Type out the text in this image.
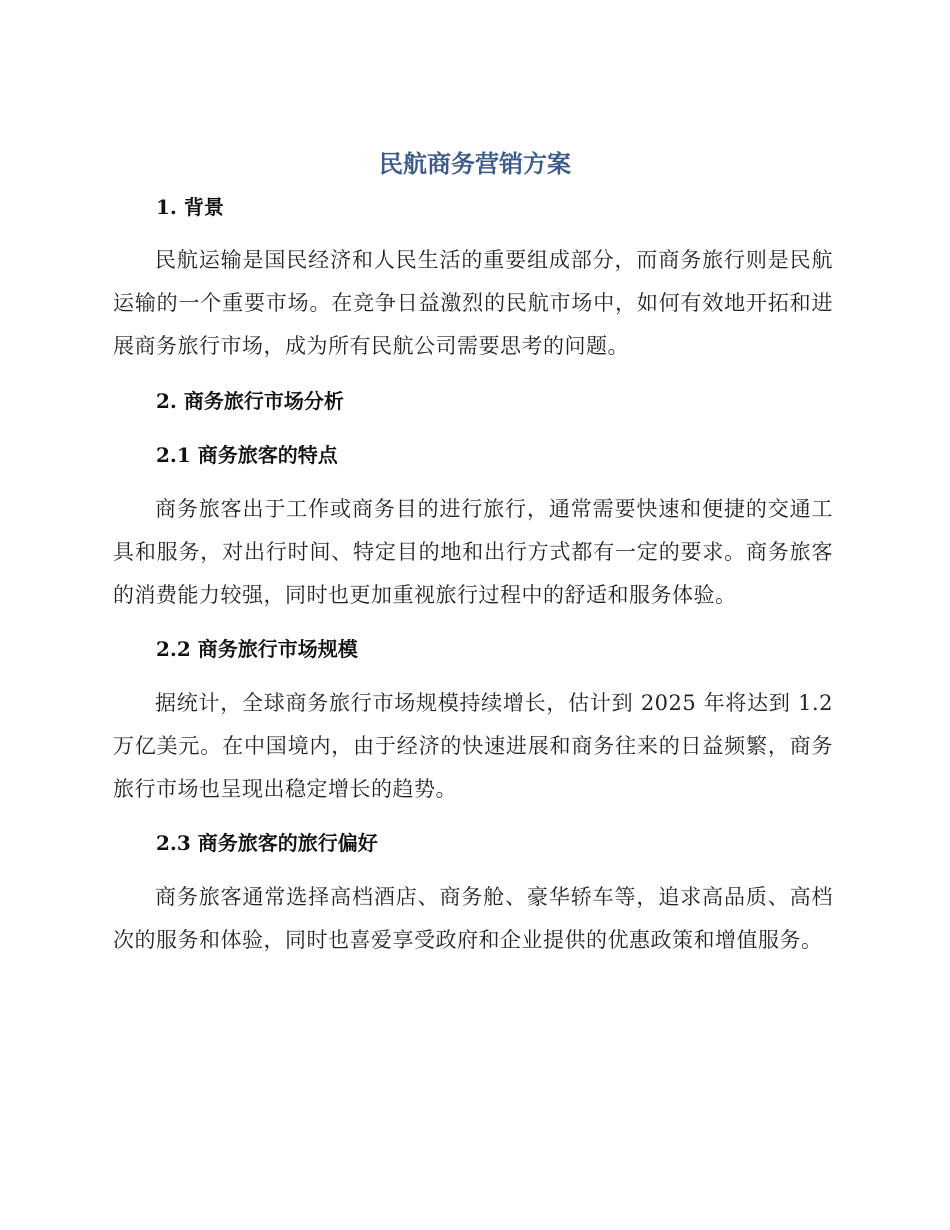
民航商务营销方案
1. 背景
民航运输是国民经济和人民生活的重要组成部分，而商务旅行则是民航运输的一个重要市场。在竞争日益激烈的民航市场中，如何有效地开拓和进展商务旅行市场，成为所有民航公司需要思考的问题。
2. 商务旅行市场分析
2.1 商务旅客的特点
商务旅客出于工作或商务目的进行旅行，通常需要快速和便捷的交通工具和服务，对出行时间、特定目的地和出行方式都有一定的要求。商务旅客的消费能力较强，同时也更加重视旅行过程中的舒适和服务体验。
2.2 商务旅行市场规模
据统计，全球商务旅行市场规模持续增长，估计到 2025 年将达到 1.2 万亿美元。在中国境内，由于经济的快速进展和商务往来的日益频繁，商务旅行市场也呈现出稳定增长的趋势。
2.3 商务旅客的旅行偏好
商务旅客通常选择高档酒店、商务舱、豪华轿车等，追求高品质、高档次的服务和体验，同时也喜爱享受政府和企业提供的优惠政策和增值服务。
